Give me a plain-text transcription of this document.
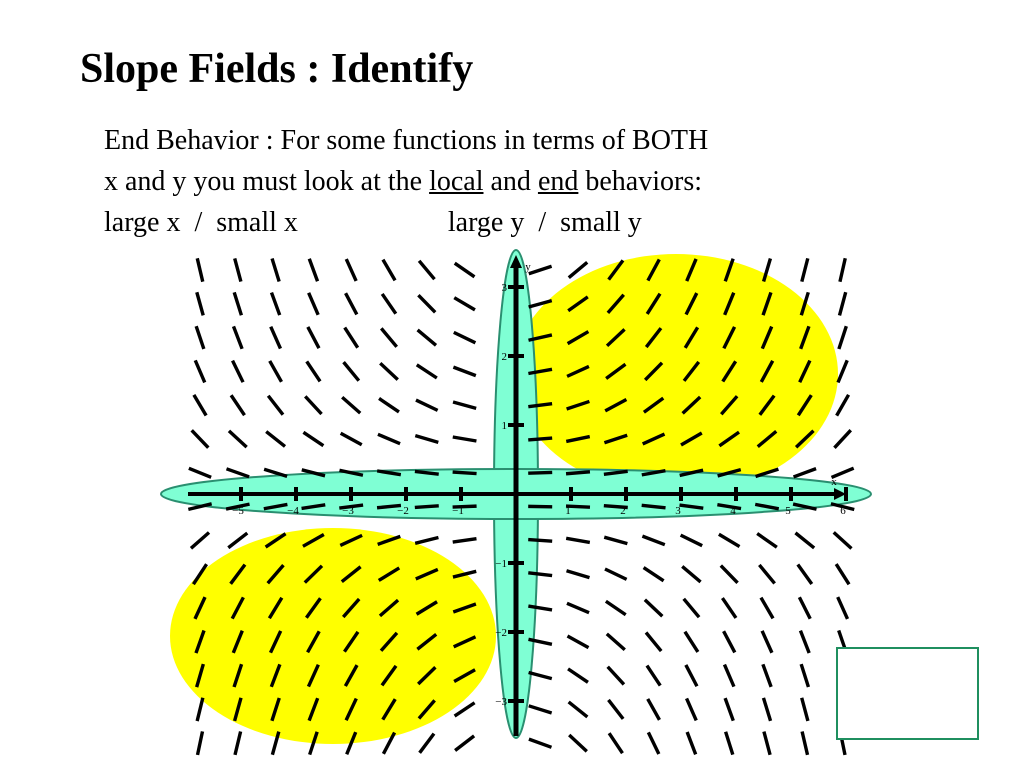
Slope Fields : Identify
End Behavior : For some functions in terms of BOTH
x and y you must look at the local and end behaviors:
large x / small x	large y / small y
−5	−4	−3	−2	−1	1	2	3	4	5	6
3
2
1
−1
−2
−3
x
y
